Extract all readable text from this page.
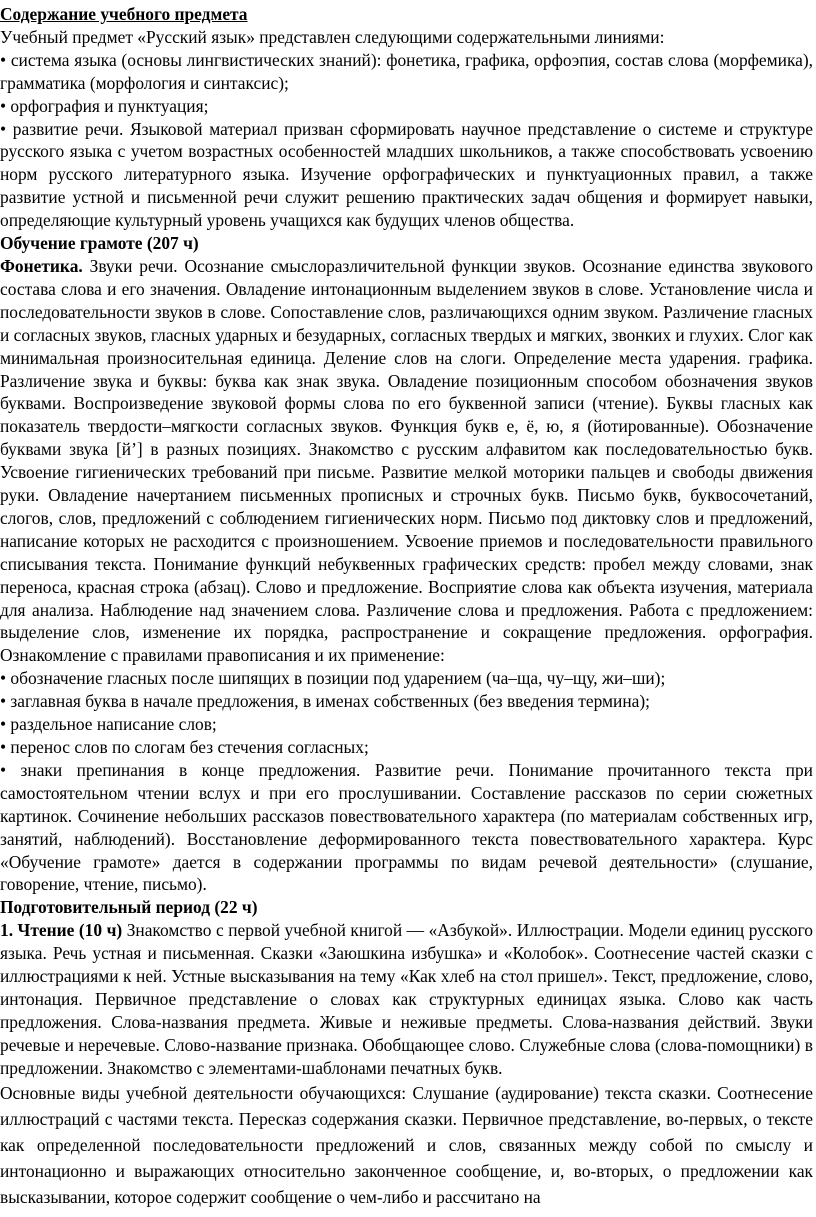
Содержание учебного предмета

Учебный предмет «Русский язык» представлен следующими содержательными линиями:

• система языка (основы лингвистических знаний): фонетика, графика, орфоэпия, состав слова (морфемика), грамматика (морфология и синтаксис);

• орфография и пунктуация;

• развитие речи. Языковой материал призван сформировать научное представление о системе и структуре русского языка с учетом возрастных особенностей младших школьников, а также способствовать усвоению норм русского литературного языка. Изучение орфографических и пунктуационных правил, а также развитие устной и письменной речи служит решению практических задач общения и формирует навыки, определяющие культурный уровень учащихся как будущих членов общества.

Обучение грамоте (207 ч)

Фонетика. Звуки речи. Осознание смыслоразличительной функции звуков. Осознание единства звукового состава слова и его значения. Овладение интонационным выделением звуков в слове. Установление числа и последовательности звуков в слове. Сопоставление слов, различающихся одним звуком. Различение гласных и согласных звуков, гласных ударных и безударных, согласных твердых и мягких, звонких и глухих. Слог как минимальная произносительная единица. Деление слов на слоги. Определение места ударения. графика. Различение звука и буквы: буква как знак звука. Овладение позиционным способом обозначения звуков буквами. Воспроизведение звуковой формы слова по его буквенной записи (чтение). Буквы гласных как показатель твердости–мягкости согласных звуков. Функция букв е, ё, ю, я (йотированные). Обозначение буквами звука [й’] в разных позициях. Знакомство с русским алфавитом как последовательностью букв. Усвоение гигиенических требований при письме. Развитие мелкой моторики пальцев и свободы движения руки. Овладение начертанием письменных прописных и строчных букв. Письмо букв, буквосочетаний, слогов, слов, предложений с соблюдением гигиенических норм. Письмо под диктовку слов и предложений, написание которых не расходится с произношением. Усвоение приемов и последовательности правильного списывания текста. Понимание функций небуквенных графических средств: пробел между словами, знак переноса, красная строка (абзац). Слово и предложение. Восприятие слова как объекта изучения, материала для анализа. Наблюдение над значением слова. Различение слова и предложения. Работа с предложением: выделение слов, изменение их порядка, распространение и сокращение предложения. орфография. Ознакомление с правилами правописания и их применение:

• обозначение гласных после шипящих в позиции под ударением (ча–ща, чу–щу, жи–ши);

• заглавная буква в начале предложения, в именах собственных (без введения термина);

• раздельное написание слов;

• перенос слов по слогам без стечения согласных;

• знаки препинания в конце предложения. Развитие речи. Понимание прочитанного текста при самостоятельном чтении вслух и при его прослушивании. Составление рассказов по серии сюжетных картинок. Сочинение небольших рассказов повествовательного характера (по материалам собственных игр, занятий, наблюдений). Восстановление деформированного текста повествовательного характера. Курс «Обучение грамоте» дается в содержании программы по видам речевой деятельности» (слушание, говорение, чтение, письмо).

Подготовительный период (22 ч)

1. Чтение (10 ч) Знакомство с первой учебной книгой — «Азбукой». Иллюстрации. Модели единиц русского языка. Речь устная и письменная. Сказки «Заюшкина избушка» и «Колобок». Соотнесение частей сказки с иллюстрациями к ней. Устные высказывания на тему «Как хлеб на стол пришел». Текст, предложение, слово, интонация. Первичное представление о словах как структурных единицах языка. Слово как часть предложения. Слова-названия предмета. Живые и неживые предметы. Слова-названия действий. Звуки речевые и неречевые. Слово-название признака. Обобщающее слово. Служебные слова (слова-помощники) в предложении. Знакомство с элементами-шаблонами печатных букв.

Основные виды учебной деятельности обучающихся: Слушание (аудирование) текста сказки. Соотнесение иллюстраций с частями текста. Пересказ содержания сказки. Первичное представление, во-первых, о тексте как определенной последовательности предложений и слов, связанных между собой по смыслу и интонационно и выражающих относительно законченное сообщение, и, во-вторых, о предложении как высказывании, которое содержит сообщение о чем-либо и рассчитано на
